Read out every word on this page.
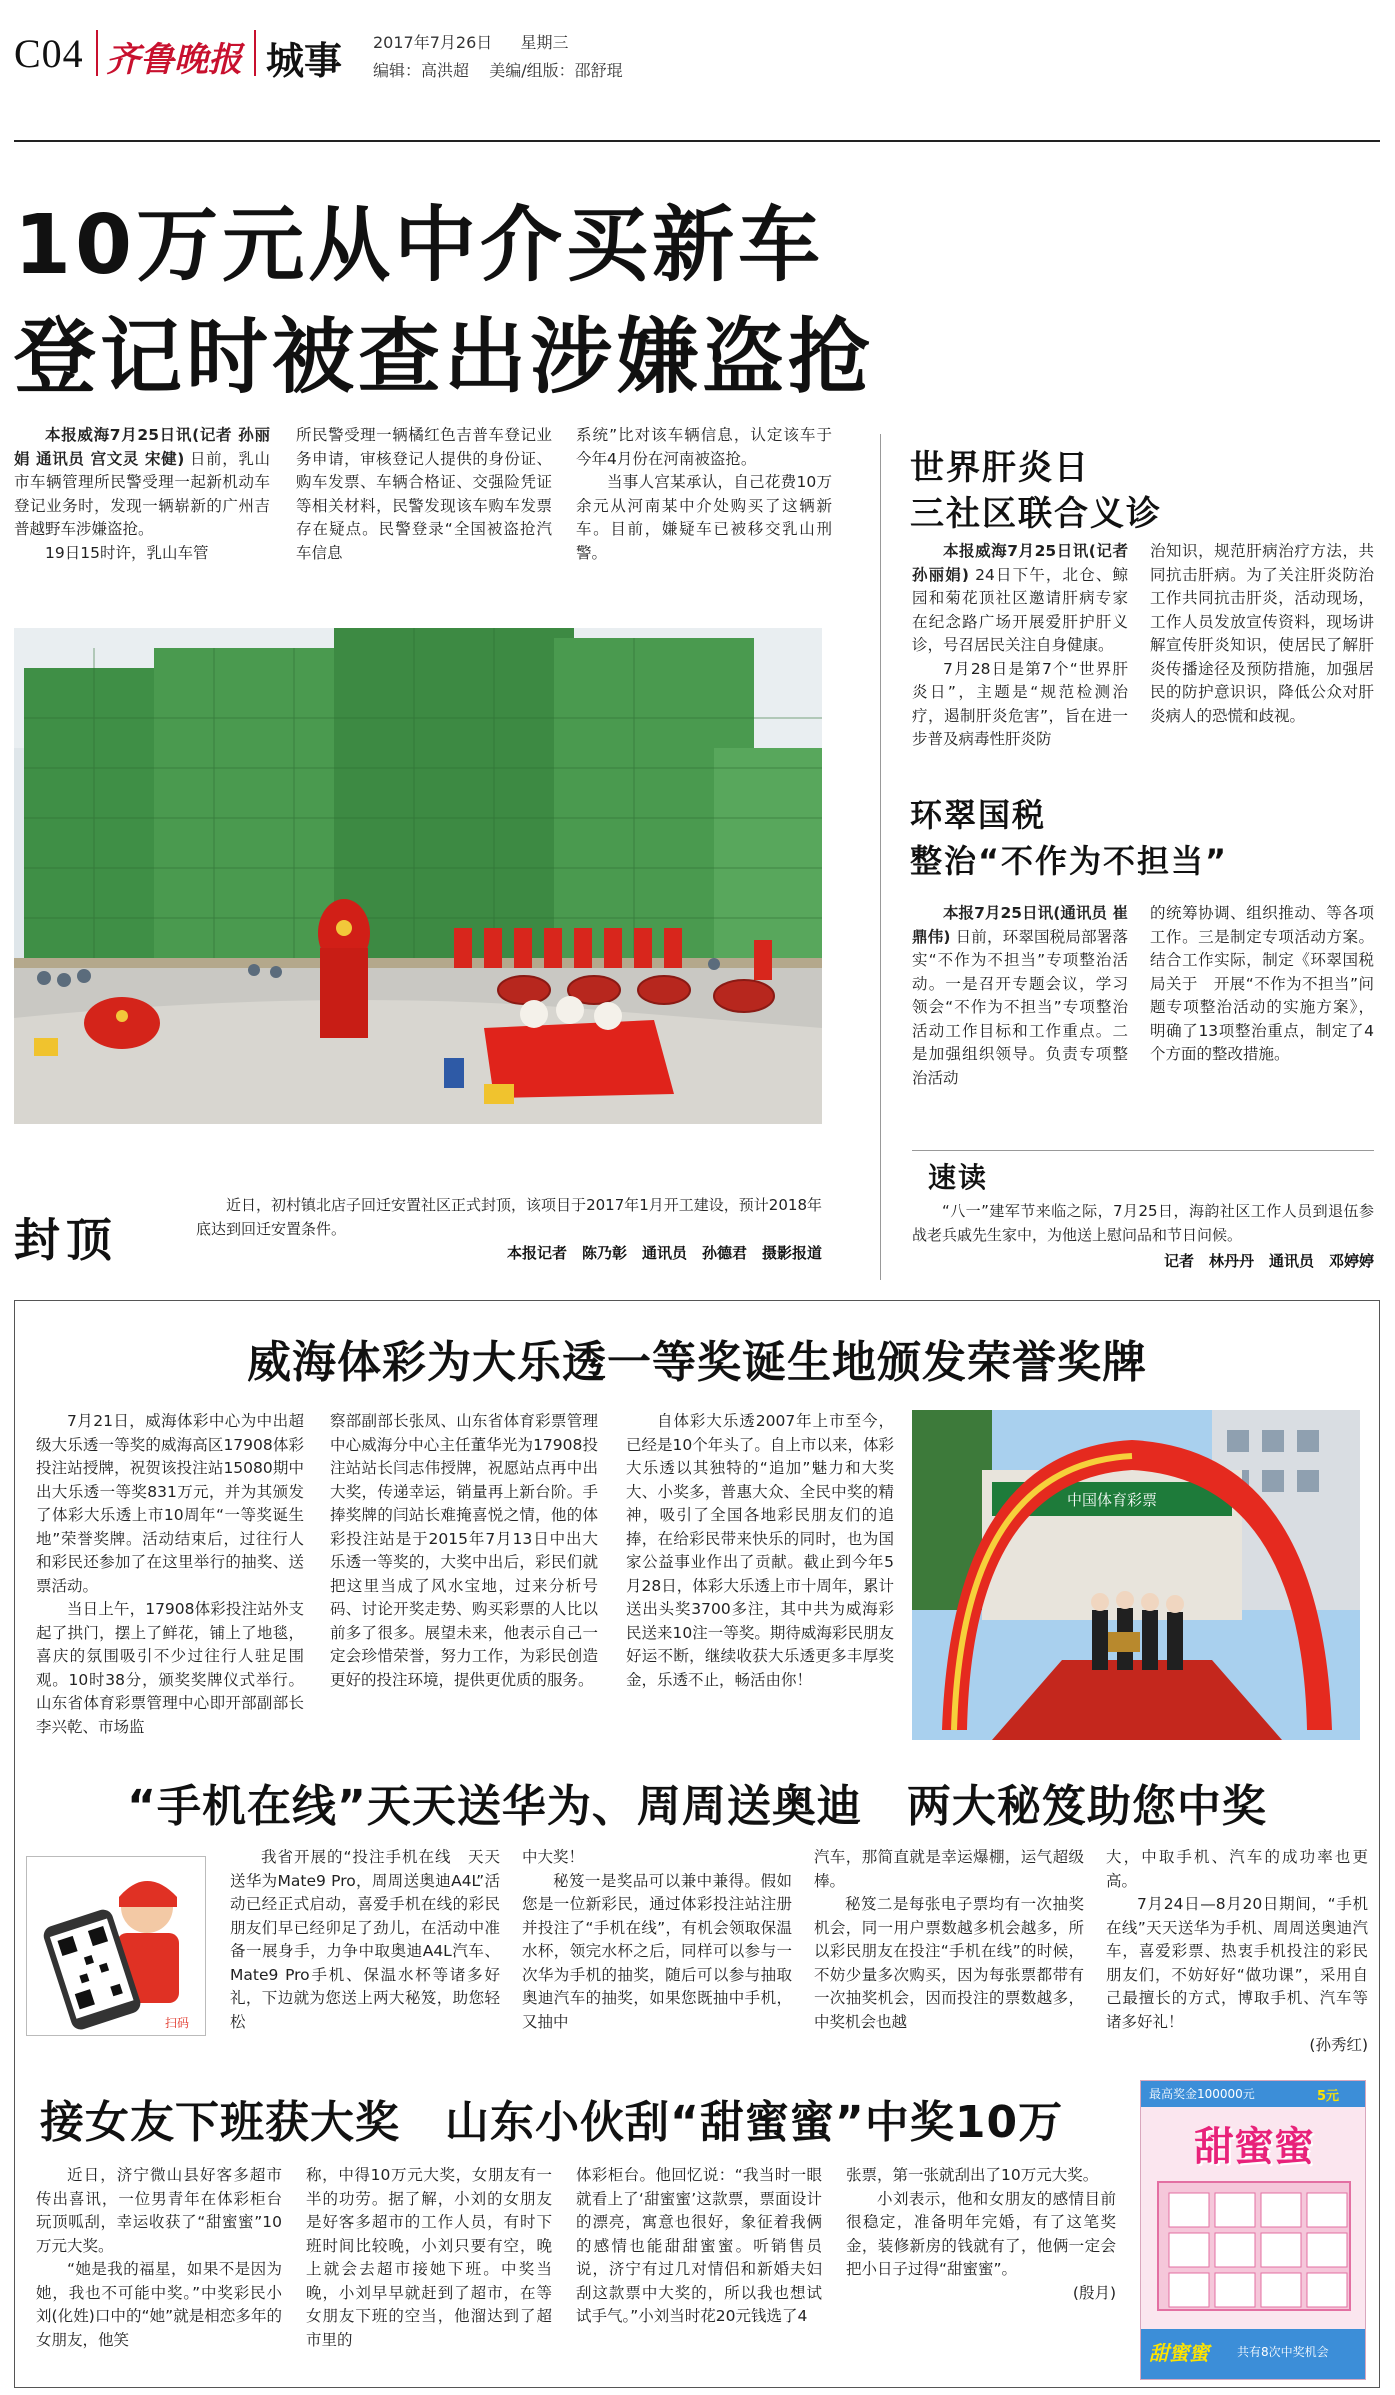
C04 齐鲁晚报 城事 2017年7月26日 星期三
编辑：高洪超 美编/组版：邵舒琨
10万元从中介买新车
登记时被查出涉嫌盗抢

本报威海7月25日讯(记者 孙丽娟 通讯员 宫文灵 宋健) 日前，乳山市车辆管理所民警受理一起新机动车登记业务时，发现一辆崭新的广州吉普越野车涉嫌盗抢。

19日15时许，乳山车管

所民警受理一辆橘红色吉普车登记业务申请，审核登记人提供的身份证、购车发票、车辆合格证、交强险凭证等相关材料，民警发现该车购车发票存在疑点。民警登录“全国被盗抢汽车信息

系统”比对该车辆信息，认定该车于今年4月份在河南被盗抢。

当事人宫某承认，自己花费10万余元从河南某中介处购买了这辆新车。目前，嫌疑车已被移交乳山刑警。

封顶

近日，初村镇北店子回迁安置社区正式封顶，该项目于2017年1月开工建设，预计2018年底达到回迁安置条件。

本报记者　陈乃彰　通讯员　孙德君　摄影报道
世界肝炎日
三社区联合义诊

本报威海7月25日讯(记者 孙丽娟) 24日下午，北仓、鲸园和菊花顶社区邀请肝病专家在纪念路广场开展爱肝护肝义诊，号召居民关注自身健康。

7月28日是第7个“世界肝炎日”，主题是“规范检测治疗，遏制肝炎危害”，旨在进一步普及病毒性肝炎防

治知识，规范肝病治疗方法，共同抗击肝病。为了关注肝炎防治工作共同抗击肝炎，活动现场，工作人员发放宣传资料，现场讲解宣传肝炎知识，使居民了解肝炎传播途径及预防措施，加强居民的防护意识识，降低公众对肝炎病人的恐慌和歧视。

环翠国税
整治“不作为不担当”

本报7月25日讯(通讯员 崔鼎伟) 日前，环翠国税局部署落实“不作为不担当”专项整治活动。一是召开专题会议，学习领会“不作为不担当”专项整治活动工作目标和工作重点。二是加强组织领导。负责专项整治活动

的统筹协调、组织推动、等各项工作。三是制定专项活动方案。结合工作实际，制定《环翠国税局关于　开展“不作为不担当”问题专项整治活动的实施方案》，明确了13项整治重点，制定了4个方面的整改措施。

速读

“八一”建军节来临之际，7月25日，海韵社区工作人员到退伍参战老兵戚先生家中，为他送上慰问品和节日问候。

记者　林丹丹　通讯员　邓婷婷
威海体彩为大乐透一等奖诞生地颁发荣誉奖牌

7月21日，威海体彩中心为中出超级大乐透一等奖的威海高区17908体彩投注站授牌，祝贺该投注站15080期中出大乐透一等奖831万元，并为其颁发了体彩大乐透上市10周年“一等奖诞生地”荣誉奖牌。活动结束后，过往行人和彩民还参加了在这里举行的抽奖、送票活动。

当日上午，17908体彩投注站外支起了拱门，摆上了鲜花，铺上了地毯，喜庆的氛围吸引不少过往行人驻足围观。10时38分，颁奖奖牌仪式举行。山东省体育彩票管理中心即开部副部长李兴乾、市场监

察部副部长张凤、山东省体育彩票管理中心威海分中心主任董华光为17908投注站站长闫志伟授牌，祝愿站点再中出大奖，传递幸运，销量再上新台阶。手捧奖牌的闫站长难掩喜悦之情，他的体彩投注站是于2015年7月13日中出大乐透一等奖的，大奖中出后，彩民们就把这里当成了风水宝地，过来分析号码、讨论开奖走势、购买彩票的人比以前多了很多。展望未来，他表示自己一定会珍惜荣誉，努力工作，为彩民创造更好的投注环境，提供更优质的服务。

自体彩大乐透2007年上市至今，已经是10个年头了。自上市以来，体彩大乐透以其独特的“追加”魅力和大奖大、小奖多，普惠大众、全民中奖的精神，吸引了全国各地彩民朋友们的追捧，在给彩民带来快乐的同时，也为国家公益事业作出了贡献。截止到今年5月28日，体彩大乐透上市十周年，累计送出头奖3700多注，其中共为威海彩民送来10注一等奖。期待威海彩民朋友好运不断，继续收获大乐透更多丰厚奖金，乐透不止，畅活由你！

中国体育彩票
“手机在线”天天送华为、周周送奥迪　两大秘笈助您中奖
扫码

我省开展的“投注手机在线　天天送华为Mate9 Pro，周周送奥迪A4L”活动已经正式启动，喜爱手机在线的彩民朋友们早已经卯足了劲儿，在活动中准备一展身手，力争中取奥迪A4L汽车、Mate9 Pro手机、保温水杯等诸多好礼，下边就为您送上两大秘笈，助您轻松

中大奖！

秘笈一是奖品可以兼中兼得。假如您是一位新彩民，通过体彩投注站注册并投注了“手机在线”，有机会领取保温水杯，领完水杯之后，同样可以参与一次华为手机的抽奖，随后可以参与抽取奥迪汽车的抽奖，如果您既抽中手机，又抽中

汽车，那简直就是幸运爆棚，运气超级棒。

秘笈二是每张电子票均有一次抽奖机会，同一用户票数越多机会越多，所以彩民朋友在投注“手机在线”的时候，不妨少量多次购买，因为每张票都带有一次抽奖机会，因而投注的票数越多，中奖机会也越

大，中取手机、汽车的成功率也更高。

7月24日—8月20日期间，“手机在线”天天送华为手机、周周送奥迪汽车，喜爱彩票、热衷手机投注的彩民朋友们，不妨好好“做功课”，采用自己最擅长的方式，博取手机、汽车等诸多好礼！

(孙秀红)
接女友下班获大奖　山东小伙刮“甜蜜蜜”中奖10万

近日，济宁微山县好客多超市传出喜讯，一位男青年在体彩柜台玩顶呱刮，幸运收获了“甜蜜蜜”10万元大奖。

“她是我的福星，如果不是因为她，我也不可能中奖。”中奖彩民小刘(化姓)口中的“她”就是相恋多年的女朋友，他笑

称，中得10万元大奖，女朋友有一半的功劳。据了解，小刘的女朋友是好客多超市的工作人员，有时下班时间比较晚，小刘只要有空，晚上就会去超市接她下班。中奖当晚，小刘早早就赶到了超市，在等女朋友下班的空当，他溜达到了超市里的

体彩柜台。他回忆说：“我当时一眼就看上了‘甜蜜蜜’这款票，票面设计的漂亮，寓意也很好，象征着我俩的感情也能甜甜蜜蜜。听销售员说，济宁有过几对情侣和新婚夫妇刮这款票中大奖的，所以我也想试试手气。”小刘当时花20元钱选了4

张票，第一张就刮出了10万元大奖。

小刘表示，他和女朋友的感情目前很稳定，准备明年完婚，有了这笔奖金，装修新房的钱就有了，他俩一定会把小日子过得“甜蜜蜜”。

(殷月)
最高奖金100000元	5元
甜蜜蜜
甜蜜蜜 共有8次中奖机会
